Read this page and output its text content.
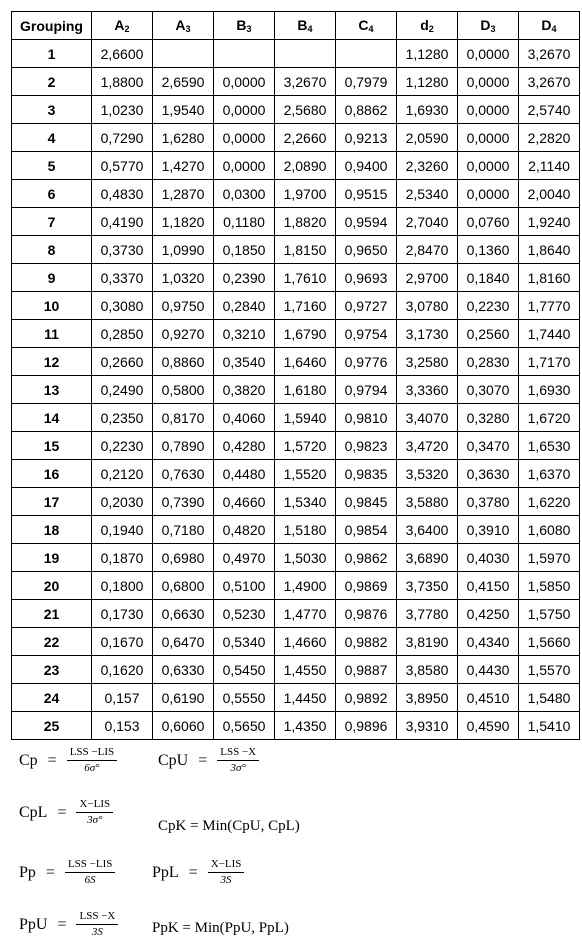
Grouping	$A_2$	$A_3$	$B_3$	$B_4$	$C_4$	$d_2$	$D_3$	$D_4$
1	2,6600					1,1280	0,0000	3,2670
2	1,8800	2,6590	0,0000	3,2670	0,7979	1,1280	0,0000	3,2670
3	1,0230	1,9540	0,0000	2,5680	0,8862	1,6930	0,0000	2,5740
4	0,7290	1,6280	0,0000	2,2660	0,9213	2,0590	0,0000	2,2820
5	0,5770	1,4270	0,0000	2,0890	0,9400	2,3260	0,0000	2,1140
6	0,4830	1,2870	0,0300	1,9700	0,9515	2,5340	0,0000	2,0040
7	0,4190	1,1820	0,1180	1,8820	0,9594	2,7040	0,0760	1,9240
8	0,3730	1,0990	0,1850	1,8150	0,9650	2,8470	0,1360	1,8640
9	0,3370	1,0320	0,2390	1,7610	0,9693	2,9700	0,1840	1,8160
10	0,3080	0,9750	0,2840	1,7160	0,9727	3,0780	0,2230	1,7770
11	0,2850	0,9270	0,3210	1,6790	0,9754	3,1730	0,2560	1,7440
12	0,2660	0,8860	0,3540	1,6460	0,9776	3,2580	0,2830	1,7170
13	0,2490	0,5800	0,3820	1,6180	0,9794	3,3360	0,3070	1,6930
14	0,2350	0,8170	0,4060	1,5940	0,9810	3,4070	0,3280	1,6720
15	0,2230	0,7890	0,4280	1,5720	0,9823	3,4720	0,3470	1,6530
16	0,2120	0,7630	0,4480	1,5520	0,9835	3,5320	0,3630	1,6370
17	0,2030	0,7390	0,4660	1,5340	0,9845	3,5880	0,3780	1,6220
18	0,1940	0,7180	0,4820	1,5180	0,9854	3,6400	0,3910	1,6080
19	0,1870	0,6980	0,4970	1,5030	0,9862	3,6890	0,4030	1,5970
20	0,1800	0,6800	0,5100	1,4900	0,9869	3,7350	0,4150	1,5850
21	0,1730	0,6630	0,5230	1,4770	0,9876	3,7780	0,4250	1,5750
22	0,1670	0,6470	0,5340	1,4660	0,9882	3,8190	0,4340	1,5660
23	0,1620	0,6330	0,5450	1,4550	0,9887	3,8580	0,4430	1,5570
24	0,157	0,6190	0,5550	1,4450	0,9892	3,8950	0,4510	1,5480
25	0,153	0,6060	0,5650	1,4350	0,9896	3,9310	0,4590	1,5410
$Cp = \frac{\text{LSS −LIS}}{6\sigma^\circ}$	CpU = $\frac{\text{LSS −X}}{3\sigma^\circ}$
CpL = $\frac{\text{X−LIS}}{3\sigma^\circ}$	CpK = Min(CpU, CpL)
$Pp = \frac{\text{LSS −LIS}}{6S}$ PpL = $\frac{\text{X−LIS}}{3S}$
PpU = $\frac{\text{LSS −X}}{3S}$ PpK = Min(PpU, PpL)
